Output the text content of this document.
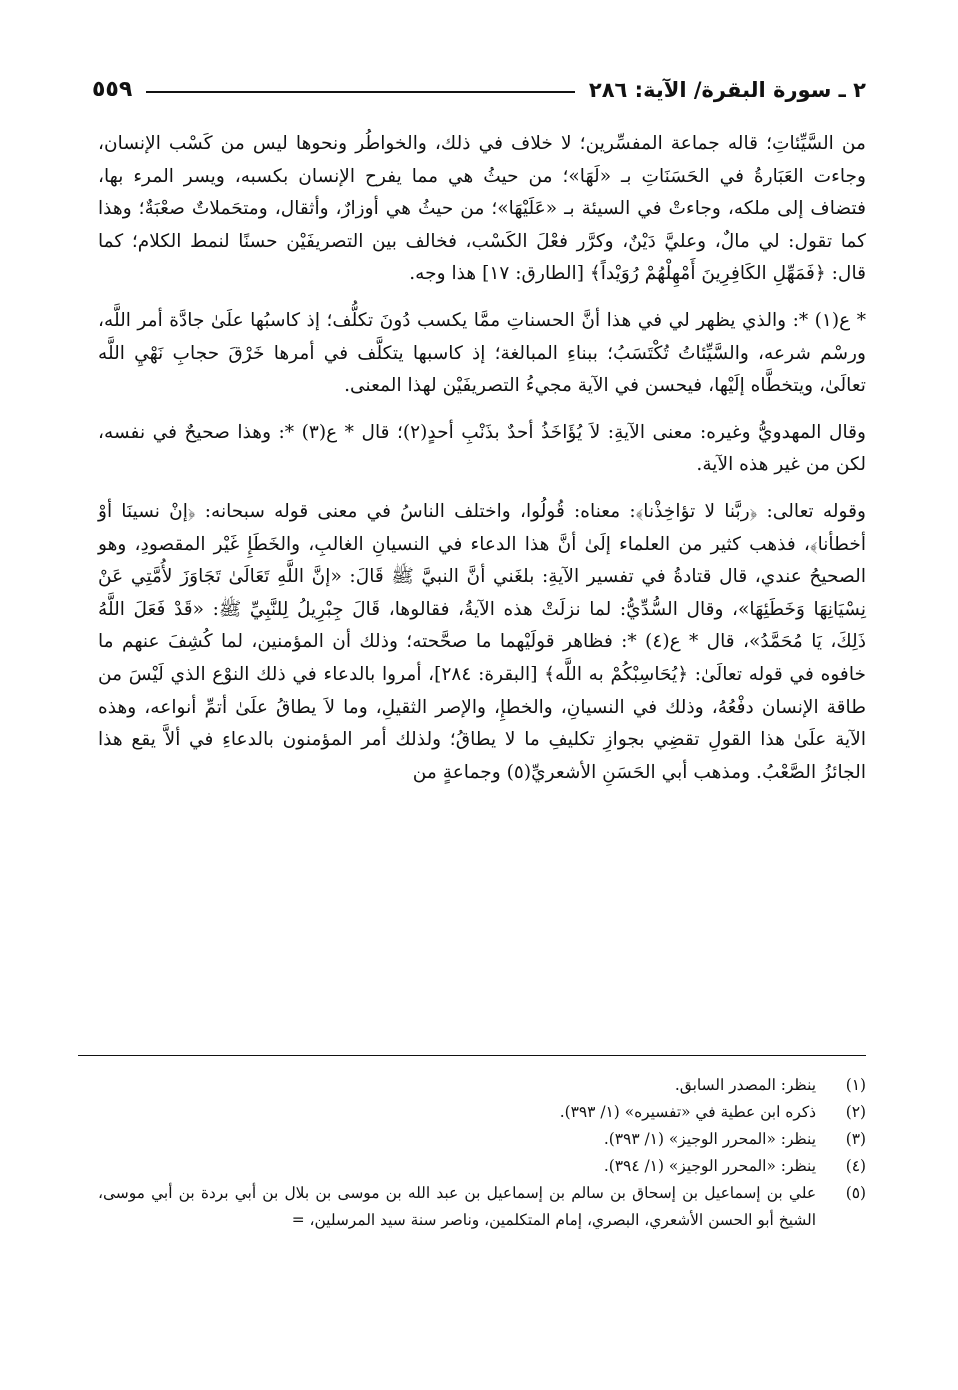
٢ ـ سورة البقرة/ الآية: ٢٨٦
٥٥٩

من السَّيِّئاتِ؛ قاله جماعة المفسِّرين؛ لا خلاف في ذلك، والخواطُر ونحوها ليس من كَسْب الإنسان، وجاءت العَبَارةُ في الحَسَنَاتِ بـ «لَهَا»؛ من حيثُ هي مما يفرح الإنسان بكسبه، ويسر المرء بها، فتضاف إلى ملكه، وجاءتْ في السيئة بـ «عَلَيْهَا»؛ من حيثُ هي أوزارٌ، وأثقال، ومتحَملاتٌ صعْبَةٌ؛ وهذا كما تقول: لي مالٌ، وعليَّ دَيْنٌ، وكرَّر فعْلَ الكَسْب، فخالف بين التصريفَيْن حسنًا لنمط الكلام؛ كما قال: ﴿فَمَهِّلِ الكَافِرِينَ أَمْهِلْهُمْ رُوَيْداً﴾ [الطارق: ١٧] هذا وجه.

* ع(١) *: والذي يظهر لي في هذا أنَّ الحسناتِ ممَّا يكسب دُونَ تكلُّف؛ إذ كاسبُها علَىٰ جادَّة أمر اللَّه، ورسْم شرعه، والسَّيِّئاتُ تُكْتَسَبُ؛ ببناءِ المبالغة؛ إذ كاسبها يتكلَّف في أمرها خَرْقَ حجابِ نَهْيِ اللَّه تعالَىٰ، ويتخطَّاه إلَيْها، فيحسن في الآية مجيءُ التصريفَيْن لهذا المعنى.

وقال المهدويُّ وغيره: معنى الآيةِ: لاَ يُؤَاخَذُ أحدٌ بذَنْبِ أحدٍ(٢)؛ قال * ع(٣) *: وهذا صحيحٌ في نفسه، لكن من غير هذه الآية.

وقوله تعالى: ﴿ربَّنا لا تؤاخِذْنا﴾: معناه: قُولُوا، واختلف الناسُ في معنى قوله سبحانه: ﴿إنْ نسينَا أوْ أخطأنا﴾، فذهب كثير من العلماء إلَىٰ أنَّ هذا الدعاء في النسيانِ الغالبِ، والخَطَإِ غَيْر المقصودِ، وهو الصحيحُ عندي، قال قتادةُ في تفسير الآيةِ: بلغَني أنَّ النبيَّ ﷺ قَالَ: «إنَّ اللَّهِ تَعَالَىٰ تَجَاوَزَ لأُمَّتِي عَنْ نِسْيَانِهَا وَخَطَئِهَا»، وقال السُّدِّيُّ: لما نزلَتْ هذه الآيةُ، فقالوها، قَالَ جِبْرِيلُ لِلنَّبِيِّ ﷺ: «قَدْ فَعَلَ اللَّهُ ذَلِكَ، يَا مُحَمَّدُ»، قال * ع(٤) *: فظاهر قولَيْهما ما صحَّحته؛ وذلك أن المؤمنين، لما كُشِفَ عنهم ما خافوه في قوله تعالَىٰ: ﴿يُحَاسِبْكُمْ به اللَّه﴾ [البقرة: ٢٨٤]، أمروا بالدعاء في ذلك النوْع الذي لَيْسَ من طاقة الإنسان دفْعُهُ، وذلك في النسيانِ، والخطإِ، والإصر الثقيلِ، وما لاَ يطاقُ علَىٰ أتمِّ أنواعه، وهذه الآية علَىٰ هذا القولِ تقضِي بجوازِ تكليفِ ما لا يطاقُ؛ ولذلك أمر المؤمنون بالدعاءِ في ألاَّ يقع هذا الجائزُ الصَّعْبُ. ومذهب أبي الحَسَنِ الأشعريِّ(٥) وجماعةٍ من

(١)
ينظر: المصدر السابق.
(٢)
ذكره ابن عطية في «تفسيره» (١/ ٣٩٣).
(٣)
ينظر: «المحرر الوجيز» (١/ ٣٩٣).
(٤)
ينظر: «المحرر الوجيز» (١/ ٣٩٤).
(٥)
علي بن إسماعيل بن إسحاق بن سالم بن إسماعيل بن عبد الله بن موسى بن بلال بن أبي بردة بن أبي موسى، الشيخ أبو الحسن الأشعري، البصري، إمام المتكلمين، وناصر سنة سيد المرسلين، =
